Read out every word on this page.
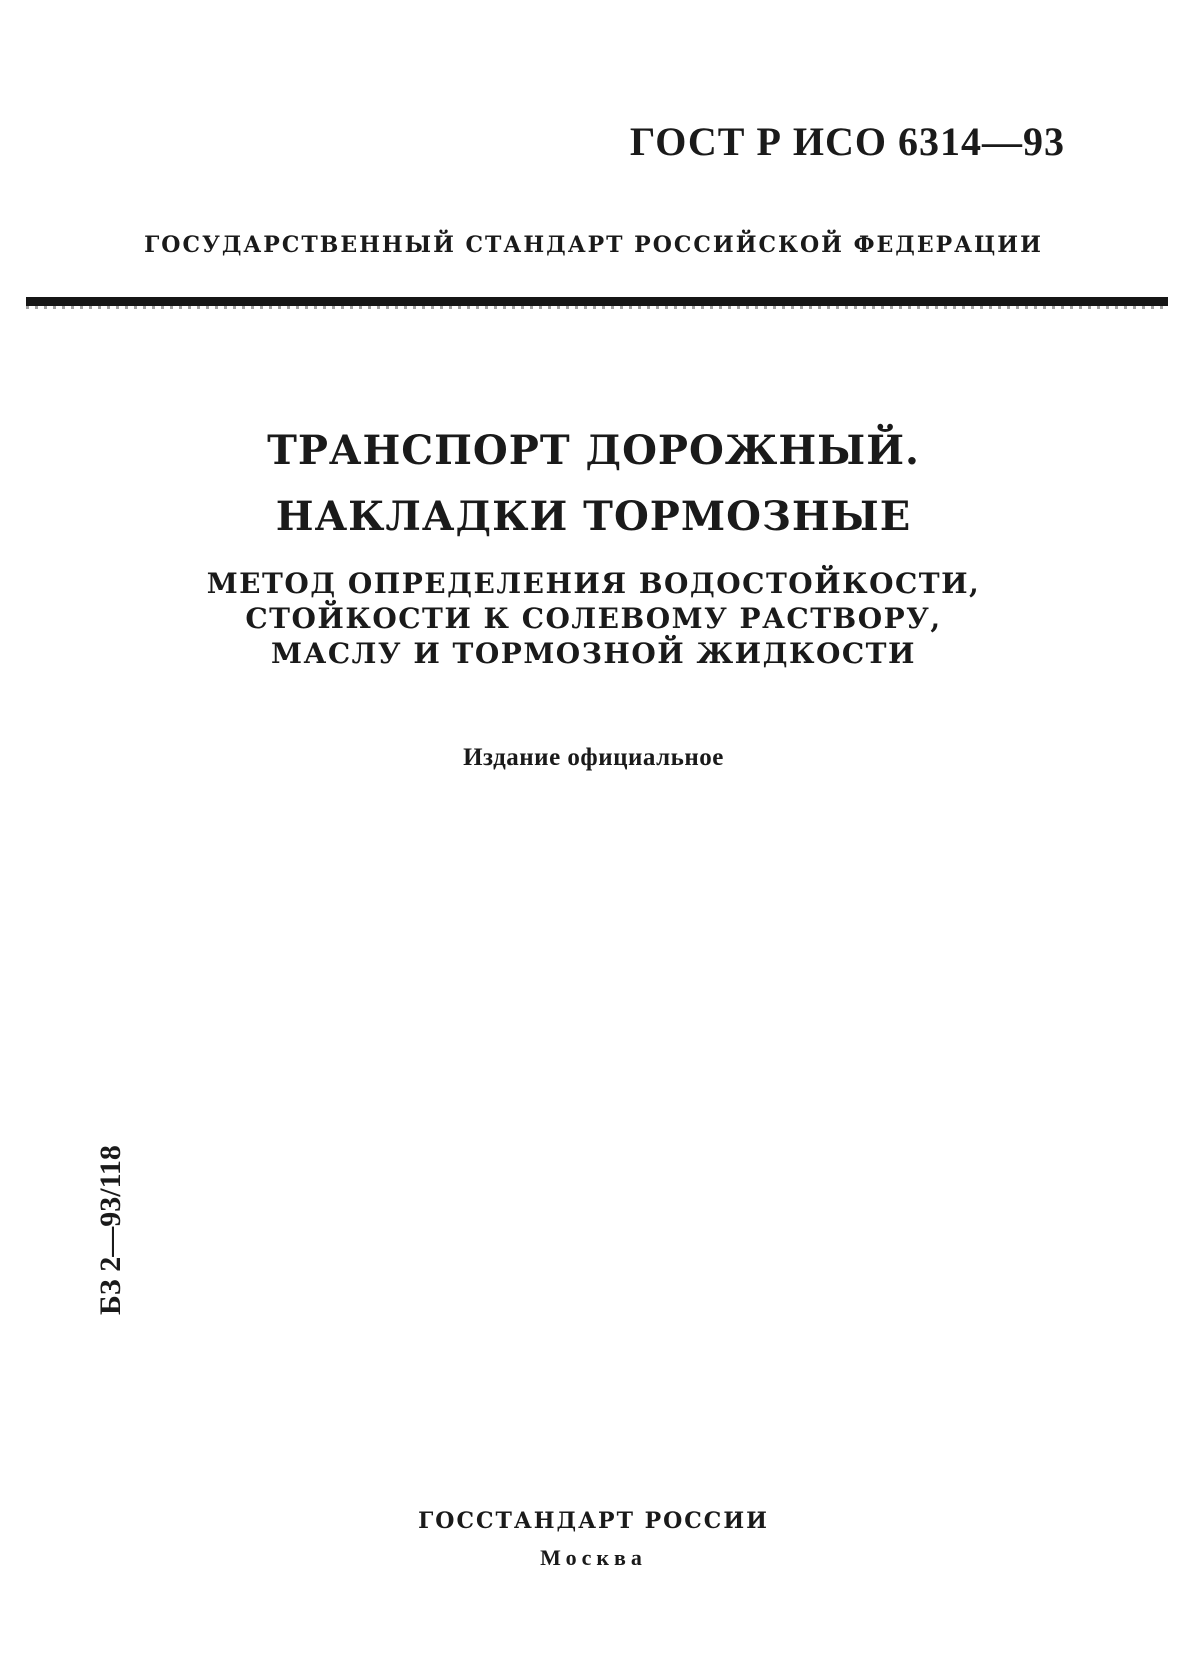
ГОСТ Р ИСО 6314—93
ГОСУДАРСТВЕННЫЙ СТАНДАРТ РОССИЙСКОЙ ФЕДЕРАЦИИ

ТРАНСПОРТ ДОРОЖНЫЙ.

НАКЛАДКИ ТОРМОЗНЫЕ

МЕТОД ОПРЕДЕЛЕНИЯ ВОДОСТОЙКОСТИ,

СТОЙКОСТИ К СОЛЕВОМУ РАСТВОРУ,

МАСЛУ И ТОРМОЗНОЙ ЖИДКОСТИ

Издание официальное
БЗ 2—93/118
ГОССТАНДАРТ РОССИИ
Москва
